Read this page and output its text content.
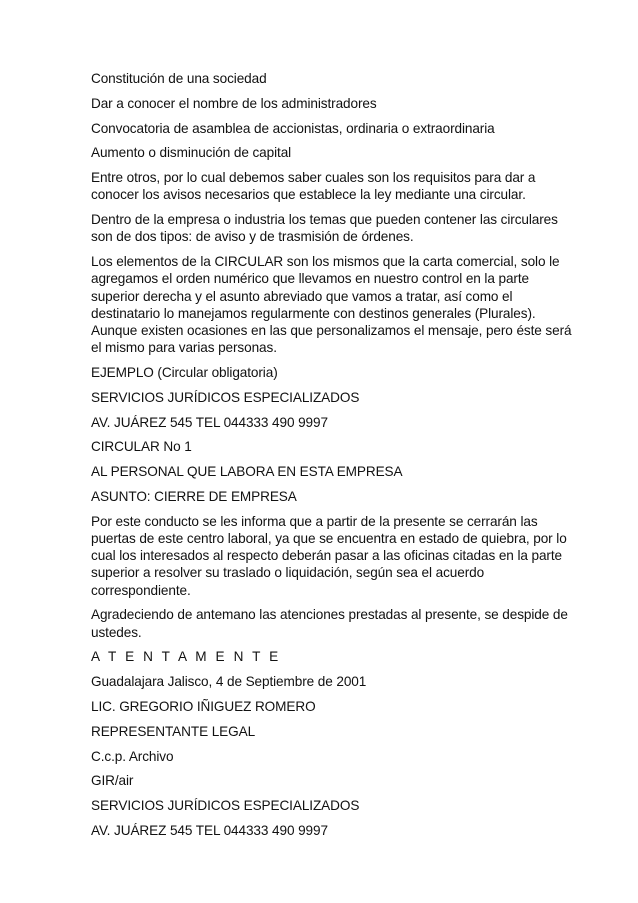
Constitución de una sociedad

Dar a conocer el nombre de los administradores

Convocatoria de asamblea de accionistas, ordinaria o extraordinaria

Aumento o disminución de capital

Entre otros, por lo cual debemos saber cuales son los requisitos para dar a conocer los avisos necesarios que establece la ley mediante una circular.

Dentro de la empresa o industria los temas que pueden contener las circulares son de dos tipos: de aviso y de trasmisión de órdenes.

Los elementos de la CIRCULAR son los mismos que la carta comercial, solo le agregamos el orden numérico que llevamos en nuestro control en la parte superior derecha y el asunto abreviado que vamos a tratar, así como el destinatario lo manejamos regularmente con destinos generales (Plurales). Aunque existen ocasiones en las que personalizamos el mensaje, pero éste será el mismo para varias personas.

EJEMPLO (Circular obligatoria)

SERVICIOS JURÍDICOS ESPECIALIZADOS

AV. JUÁREZ 545 TEL 044333 490 9997

CIRCULAR No 1

AL PERSONAL QUE LABORA EN ESTA EMPRESA

ASUNTO: CIERRE DE EMPRESA

Por este conducto se les informa que a partir de la presente se cerrarán las puertas de este centro laboral, ya que se encuentra en estado de quiebra, por lo cual los interesados al respecto deberán pasar a las oficinas citadas en la parte superior a resolver su traslado o liquidación, según sea el acuerdo correspondiente.

Agradeciendo de antemano las atenciones prestadas al presente, se despide de ustedes.

A T E N T A M E N T E

Guadalajara Jalisco, 4 de Septiembre de 2001

LIC. GREGORIO IÑIGUEZ ROMERO

REPRESENTANTE LEGAL

C.c.p. Archivo

GIR/air

SERVICIOS JURÍDICOS ESPECIALIZADOS

AV. JUÁREZ 545 TEL 044333 490 9997
